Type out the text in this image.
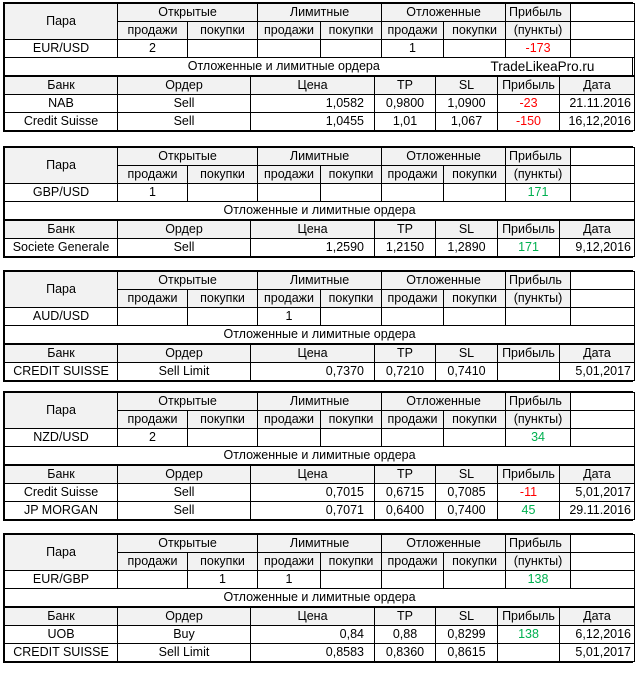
Пара	Открытые	Лимитные	Отложенные	Прибыль	
продажи	покупки	продажи	покупки	продажи	покупки	(пункты)	
EUR/USD	2				1		-173	
Отложенные и лимитные ордера	TradeLikeaPro.ru
Банк	Ордер	Цена	TP	SL	Прибыль	Дата
NAB	Sell	1,0582	0,9800	1,0900	-23	21.11.2016
Credit Suisse	Sell	1,0455	1,01	1,067	-150	16,12,2016
Пара	Открытые		Лимитные		Отложенные		Прибыль	
	продажи	покупки	продажи	покупки	продажи	покупки	(пункты)	
GBP/USD	1						171	
Отложенные и лимитные ордера								
Банк	Ордер	Цена	TP	SL	Прибыль	Дата
Societe Generale	Sell	1,2590	1,2150	1,2890	171	9,12,2016
Пара	Открытые		Лимитные		Отложенные		Прибыль	
	продажи	покупки	продажи	покупки	продажи	покупки	(пункты)	
AUD/USD			1					
Отложенные и лимитные ордера								
Банк	Ордер	Цена	TP	SL	Прибыль	Дата
CREDIT SUISSE	Sell Limit	0,7370	0,7210	0,7410		5,01,2017
Пара	Открытые		Лимитные		Отложенные		Прибыль	
	продажи	покупки	продажи	покупки	продажи	покупки	(пункты)	
NZD/USD	2						34	
Отложенные и лимитные ордера								
Банк	Ордер	Цена	TP	SL	Прибыль	Дата
Credit Suisse	Sell	0,7015	0,6715	0,7085	-11	5,01,2017
JP MORGAN	Sell	0,7071	0,6400	0,7400	45	29.11.2016
Пара	Открытые		Лимитные		Отложенные		Прибыль	
	продажи	покупки	продажи	покупки	продажи	покупки	(пункты)	
EUR/GBP		1	1				138	
Отложенные и лимитные ордера								
Банк	Ордер	Цена	TP	SL	Прибыль	Дата
UOB	Buy	0,84	0,88	0,8299	138	6,12,2016
CREDIT SUISSE	Sell Limit	0,8583	0,8360	0,8615		5,01,2017
